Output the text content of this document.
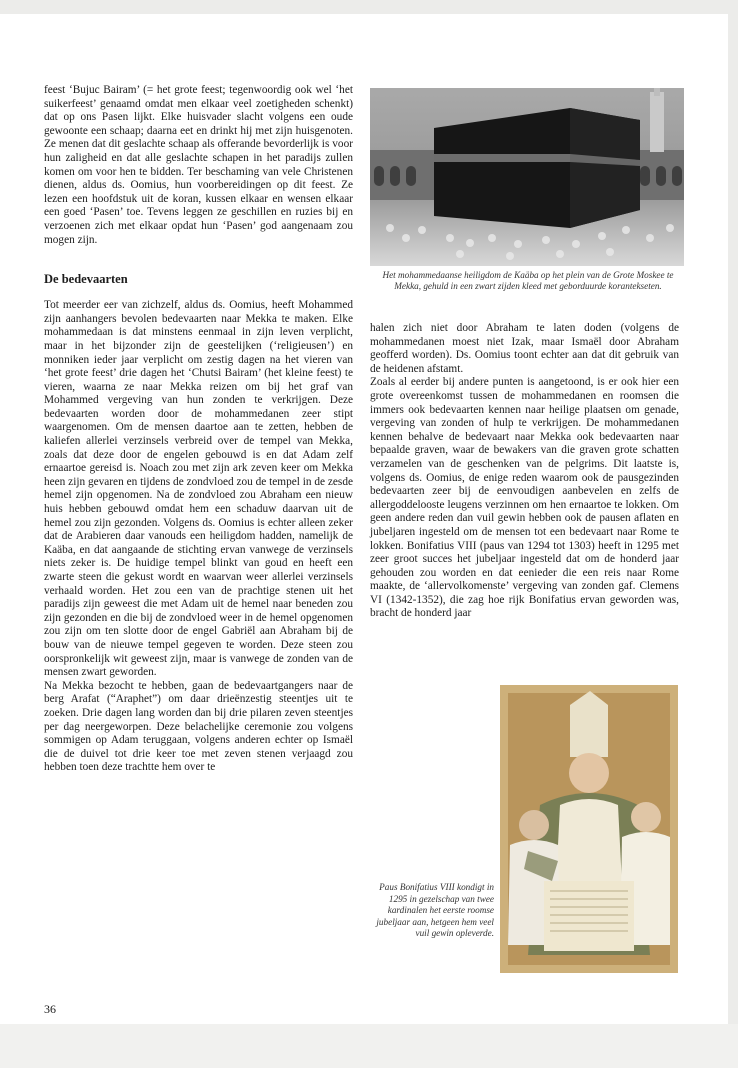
feest ‘Bujuc Bairam’ (= het grote feest; tegenwoordig ook wel ‘het suikerfeest’ genaamd omdat men elkaar veel zoetigheden schenkt) dat op ons Pasen lijkt. Elke huisvader slacht volgens een oude gewoonte een schaap; daarna eet en drinkt hij met zijn huisgenoten. Ze menen dat dit geslachte schaap als offerande bevorderlijk is voor hun zaligheid en dat alle geslachte schapen in het paradijs zullen komen om voor hen te bidden. Ter beschaming van vele Christenen dienen, aldus ds. Oomius, hun voorbereidingen op dit feest. Ze lezen een hoofdstuk uit de koran, kussen elkaar en wensen elkaar een goed ‘Pasen’ toe. Tevens leggen ze geschillen en ruzies bij en verzoenen zich met elkaar opdat hun ‘Pasen’ god aangenaam zou mogen zijn.

De bedevaarten

Tot meerder eer van zichzelf, aldus ds. Oomius, heeft Mohammed zijn aanhangers bevolen bedevaarten naar Mekka te maken. Elke mohammedaan is dat minstens eenmaal in zijn leven verplicht, maar in het bijzonder zijn de geestelijken (‘religieusen’) en monniken ieder jaar verplicht om zestig dagen na het vieren van ‘het grote feest’ drie dagen het ‘Chutsi Bairam’ (het kleine feest) te vieren, waarna ze naar Mekka reizen om bij het graf van Mohammed vergeving van hun zonden te verkrijgen. Deze bedevaarten worden door de mohammedanen zeer stipt waargenomen. Om de mensen daartoe aan te zetten, hebben de kaliefen allerlei verzinsels verbreid over de tempel van Mekka, zoals dat deze door de engelen gebouwd is en dat Adam zelf ernaartoe gereisd is. Noach zou met zijn ark zeven keer om Mekka heen zijn gevaren en tijdens de zondvloed zou de tempel in de zesde hemel zijn opgenomen. Na de zondvloed zou Abraham een nieuw huis hebben gebouwd omdat hem een schaduw daarvan uit de hemel zou zijn gezonden. Volgens ds. Oomius is echter alleen zeker dat de Arabieren daar vanouds een heiligdom hadden, namelijk de Kaäba, en dat aangaande de stichting ervan vanwege de verzinsels niets zeker is. De huidige tempel blinkt van goud en heeft een zwarte steen die gekust wordt en waarvan weer allerlei verzinsels verhaald worden. Het zou een van de prachtige stenen uit het paradijs zijn geweest die met Adam uit de hemel naar beneden zou zijn gezonden en die bij de zondvloed weer in de hemel opgenomen zou zijn om ten slotte door de engel Gabriël aan Abraham bij de bouw van de nieuwe tempel gegeven te worden. Deze steen zou oorspronkelijk wit geweest zijn, maar is vanwege de zonden van de mensen zwart geworden.

Na Mekka bezocht te hebben, gaan de bedevaartgangers naar de berg Arafat (“Araphet”) om daar drieënzestig steentjes uit te zoeken. Drie dagen lang worden dan bij drie pilaren zeven steentjes per dag neergeworpen. Deze belachelijke ceremonie zou volgens sommigen op Adam teruggaan, volgens anderen echter op Ismaël die de duivel tot drie keer toe met zeven stenen verjaagd zou hebben toen deze trachtte hem over te

Het mohammedaanse heiligdom de Kaäba op het plein van de Grote Moskee te Mekka, gehuld in een zwart zijden kleed met geborduurde korantekseten.

halen zich niet door Abraham te laten doden (volgens de mohammedanen moest niet Izak, maar Ismaël door Abraham geofferd worden). Ds. Oomius toont echter aan dat dit gebruik van de heidenen afstamt.

Zoals al eerder bij andere punten is aangetoond, is er ook hier een grote overeenkomst tussen de mohammedanen en roomsen die immers ook bedevaarten kennen naar heilige plaatsen om genade, vergeving van zonden of hulp te verkrijgen. De mohammedanen kennen behalve de bedevaart naar Mekka ook bedevaarten naar bepaalde graven, waar de bewakers van die graven grote schatten verzamelen van de geschenken van de pelgrims. Dit laatste is, volgens ds. Oomius, de enige reden waarom ook de pausgezinden bedevaarten zeer bij de eenvoudigen aanbevelen en zelfs de allergoddelooste leugens verzinnen om hen ernaartoe te lokken. Om geen andere reden dan vuil gewin hebben ook de pausen aflaten en jubeljaren ingesteld om de mensen tot een bedevaart naar Rome te lokken. Bonifatius VIII (paus van 1294 tot 1303) heeft in 1295 met zeer groot succes het jubeljaar ingesteld dat om de honderd jaar gehouden zou worden en dat eenieder die een reis naar Rome maakte, de ‘allervolkomenste’ vergeving van zonden gaf. Clemens VI (1342-1352), die zag hoe rijk Bonifatius ervan geworden was, bracht de honderd jaar

Paus Bonifatius VIII kondigt in 1295 in gezelschap van twee kardinalen het eerste roomse jubeljaar aan, hetgeen hem veel vuil gewin opleverde.
36
